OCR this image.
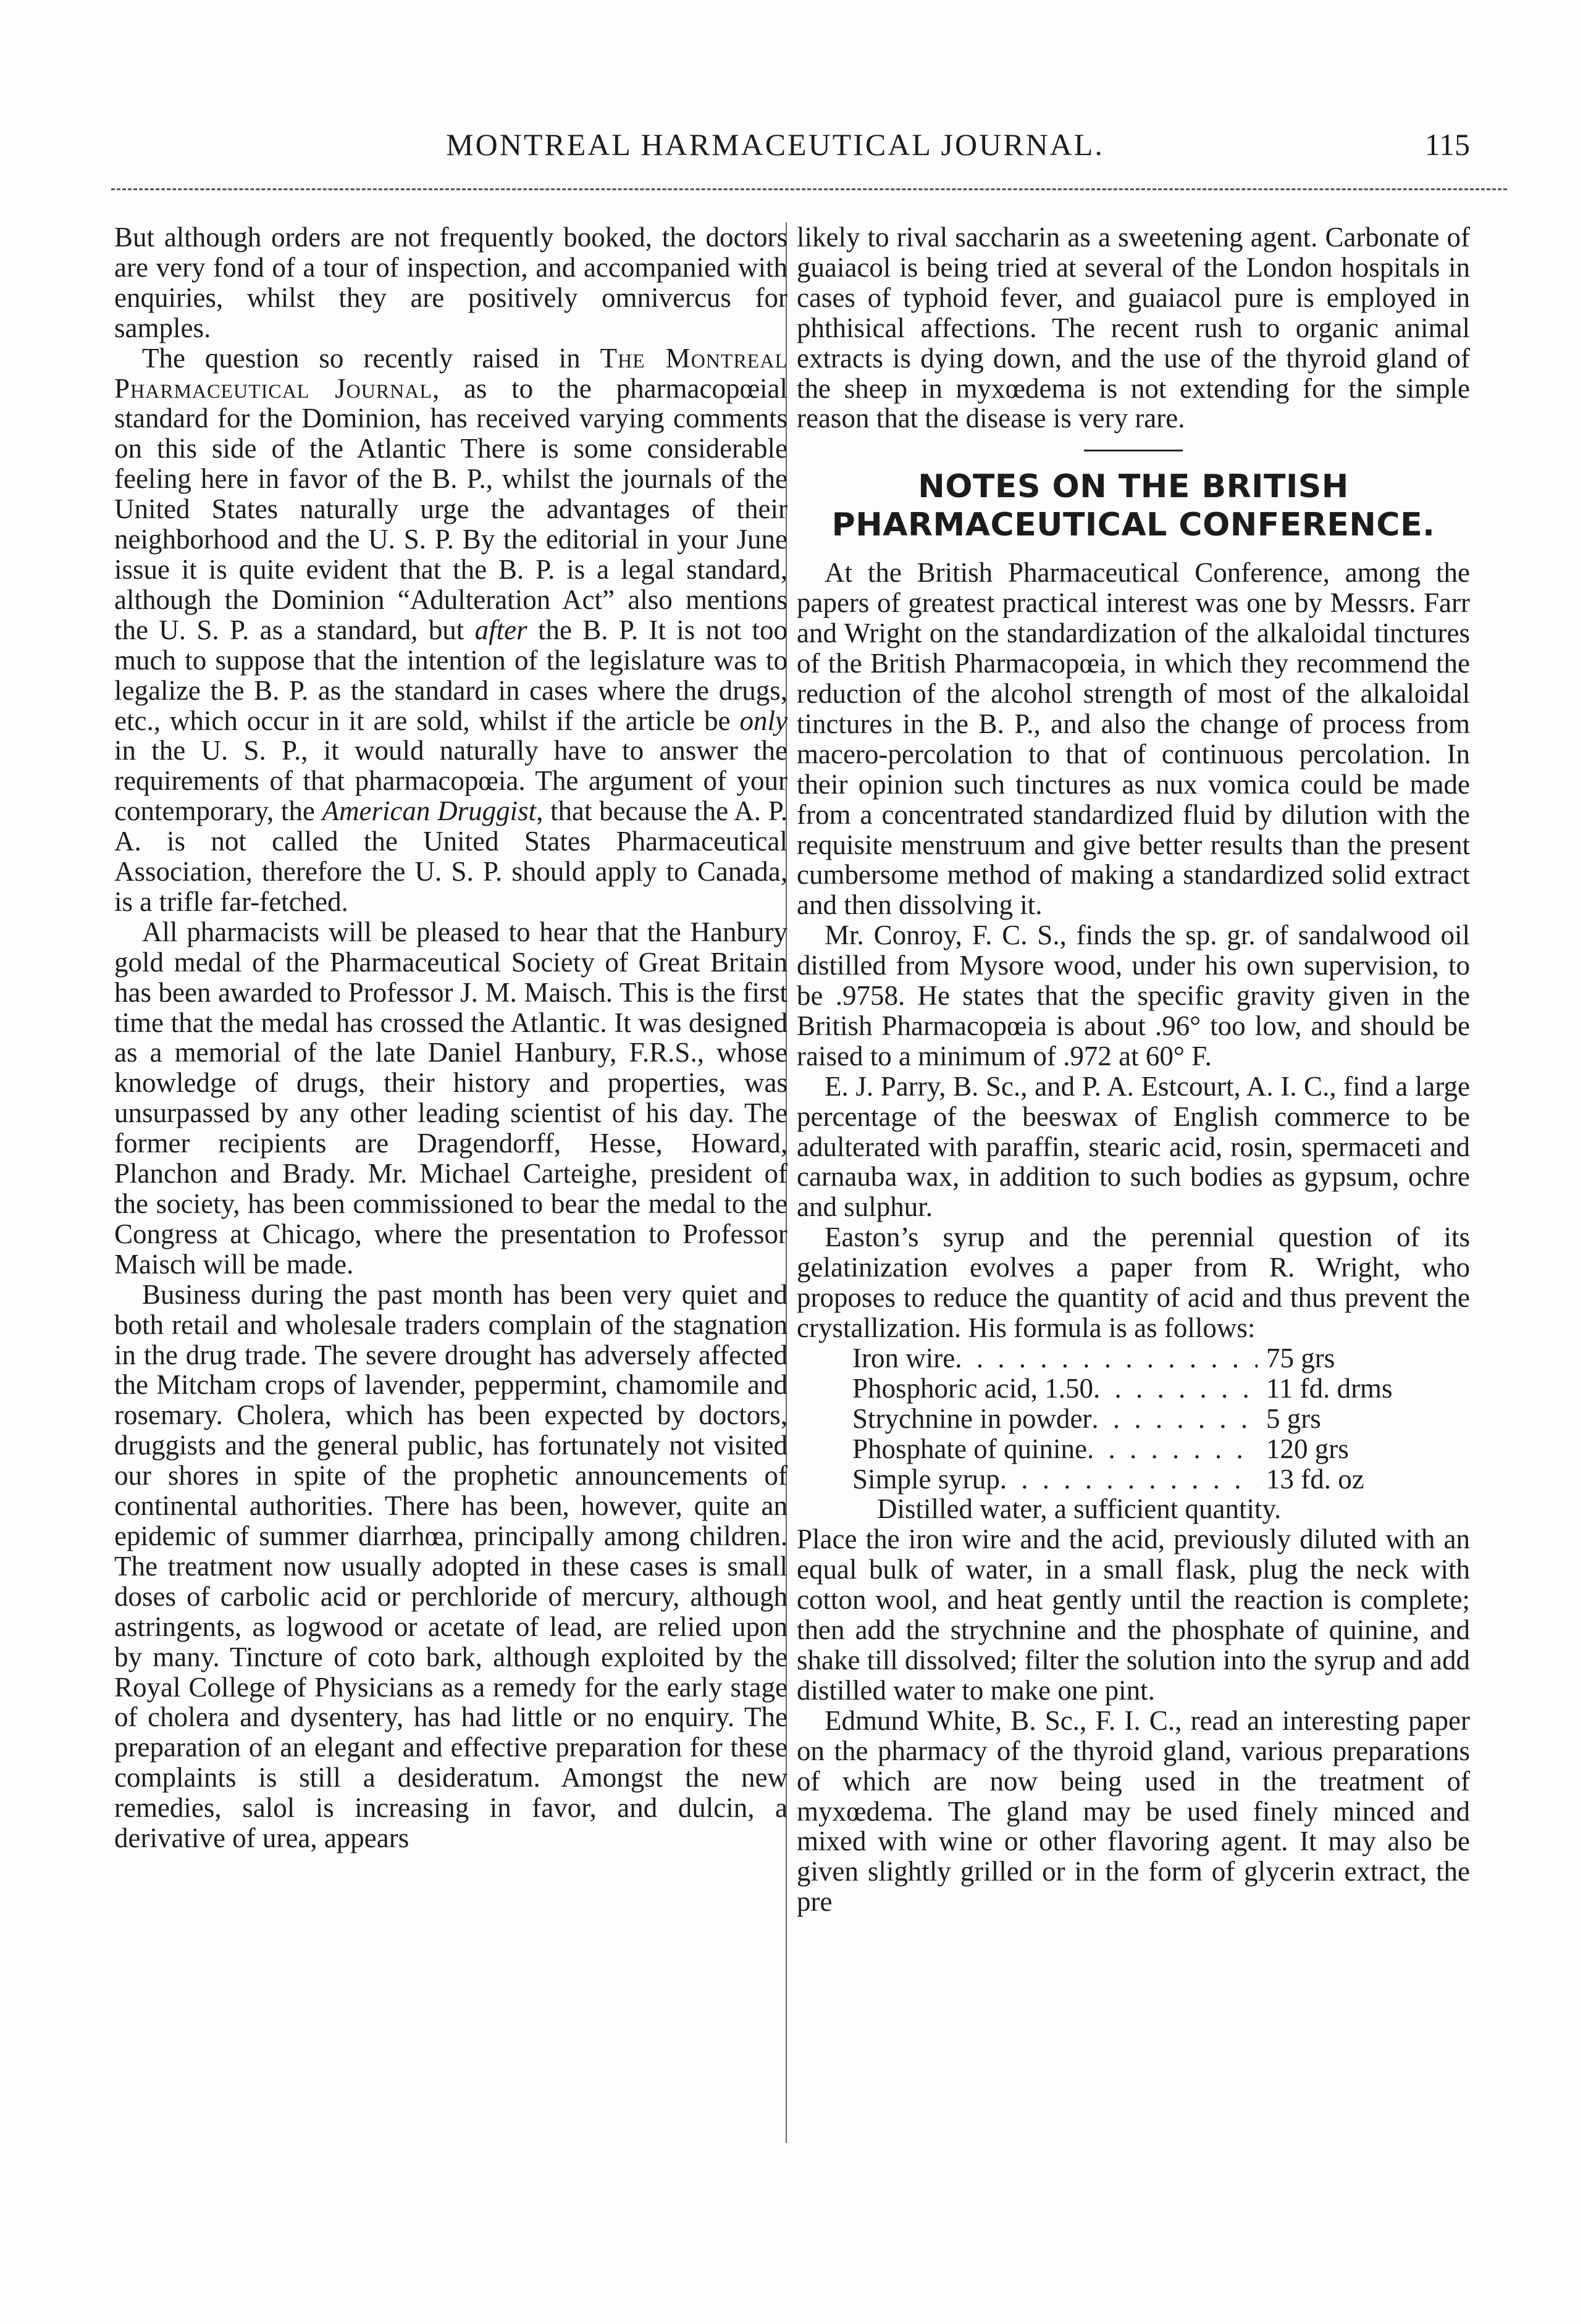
MONTREAL HARMACEUTICAL JOURNAL.	115

But although orders are not frequently booked, the doctors are very fond of a tour of inspection, and accompanied with enquiries, whilst they are positively omnivercus for samples.

The question so recently raised in The Montreal Pharmaceutical Journal, as to the pharmacopœial standard for the Dominion, has received varying comments on this side of the Atlantic There is some considerable feeling here in favor of the B. P., whilst the journals of the United States naturally urge the advantages of their neighborhood and the U. S. P. By the editorial in your June issue it is quite evident that the B. P. is a legal standard, although the Dominion “Adulteration Act” also mentions the U. S. P. as a standard, but after the B. P. It is not too much to suppose that the intention of the legislature was to legalize the B. P. as the standard in cases where the drugs, etc., which occur in it are sold, whilst if the article be only in the U. S. P., it would naturally have to answer the requirements of that pharmacopœia. The argument of your contemporary, the American Druggist, that because the A. P. A. is not called the United States Pharmaceutical Association, therefore the U. S. P. should apply to Canada, is a trifle far-fetched.

All pharmacists will be pleased to hear that the Hanbury gold medal of the Pharmaceutical Society of Great Britain has been awarded to Professor J. M. Maisch. This is the first time that the medal has crossed the Atlantic. It was designed as a memorial of the late Daniel Hanbury, F.R.S., whose knowledge of drugs, their history and properties, was unsurpassed by any other leading scientist of his day. The former recipients are Dragendorff, Hesse, Howard, Planchon and Brady. Mr. Michael Carteighe, president of the society, has been commissioned to bear the medal to the Congress at Chicago, where the presentation to Professor Maisch will be made.

Business during the past month has been very quiet and both retail and wholesale traders complain of the stagnation in the drug trade. The severe drought has adversely affected the Mitcham crops of lavender, peppermint, chamomile and rosemary. Cholera, which has been expected by doctors, druggists and the general public, has fortunately not visited our shores in spite of the prophetic announcements of continental authorities. There has been, however, quite an epidemic of summer diarrhœa, principally among children. The treatment now usually adopted in these cases is small doses of carbolic acid or perchloride of mercury, although astringents, as logwood or acetate of lead, are relied upon by many. Tincture of coto bark, although exploited by the Royal College of Physicians as a remedy for the early stage of cholera and dysentery, has had little or no enquiry. The preparation of an elegant and effective preparation for these complaints is still a desideratum. Amongst the new remedies, salol is increasing in favor, and dulcin, a derivative of urea, appears

likely to rival saccharin as a sweetening agent. Carbonate of guaiacol is being tried at several of the London hospitals in cases of typhoid fever, and guaiacol pure is employed in phthisical affections. The recent rush to organic animal extracts is dying down, and the use of the thyroid gland of the sheep in myxœdema is not extending for the simple reason that the disease is very rare.

NOTES ON THE BRITISH PHARMACEUTICAL CONFERENCE.

At the British Pharmaceutical Conference, among the papers of greatest practical interest was one by Messrs. Farr and Wright on the standardization of the alkaloidal tinctures of the British Pharmacopœia, in which they recommend the reduction of the alcohol strength of most of the alkaloidal tinctures in the B. P., and also the change of process from macero-percolation to that of continuous percolation. In their opinion such tinctures as nux vomica could be made from a concentrated standardized fluid by dilution with the requisite menstruum and give better results than the present cumbersome method of making a standardized solid extract and then dissolving it.

Mr. Conroy, F. C. S., finds the sp. gr. of sandalwood oil distilled from Mysore wood, under his own supervision, to be .9758. He states that the specific gravity given in the British Pharmacopœia is about .96° too low, and should be raised to a minimum of .972 at 60° F.

E. J. Parry, B. Sc., and P. A. Estcourt, A. I. C., find a large percentage of the beeswax of English commerce to be adulterated with paraffin, stearic acid, rosin, spermaceti and carnauba wax, in addition to such bodies as gypsum, ochre and sulphur.

Easton’s syrup and the perennial question of its gelatinization evolves a paper from R. Wright, who proposes to reduce the quantity of acid and thus prevent the crystallization. His formula is as follows:

Iron wire . . .	75 grs
Phosphoric acid, 1.50 . . .	11 fd. drms
Strychnine in powder . . .	5 grs
Phosphate of quinine . . .	120 grs
Simple syrup . . .	13 fd. oz
Distilled water, a sufficient quantity.

Place the iron wire and the acid, previously diluted with an equal bulk of water, in a small flask, plug the neck with cotton wool, and heat gently until the reaction is complete; then add the strychnine and the phosphate of quinine, and shake till dissolved; filter the solution into the syrup and add distilled water to make one pint.

Edmund White, B. Sc., F. I. C., read an interesting paper on the pharmacy of the thyroid gland, various preparations of which are now being used in the treatment of myxœdema. The gland may be used finely minced and mixed with wine or other flavoring agent. It may also be given slightly grilled or in the form of glycerin extract, the pre
